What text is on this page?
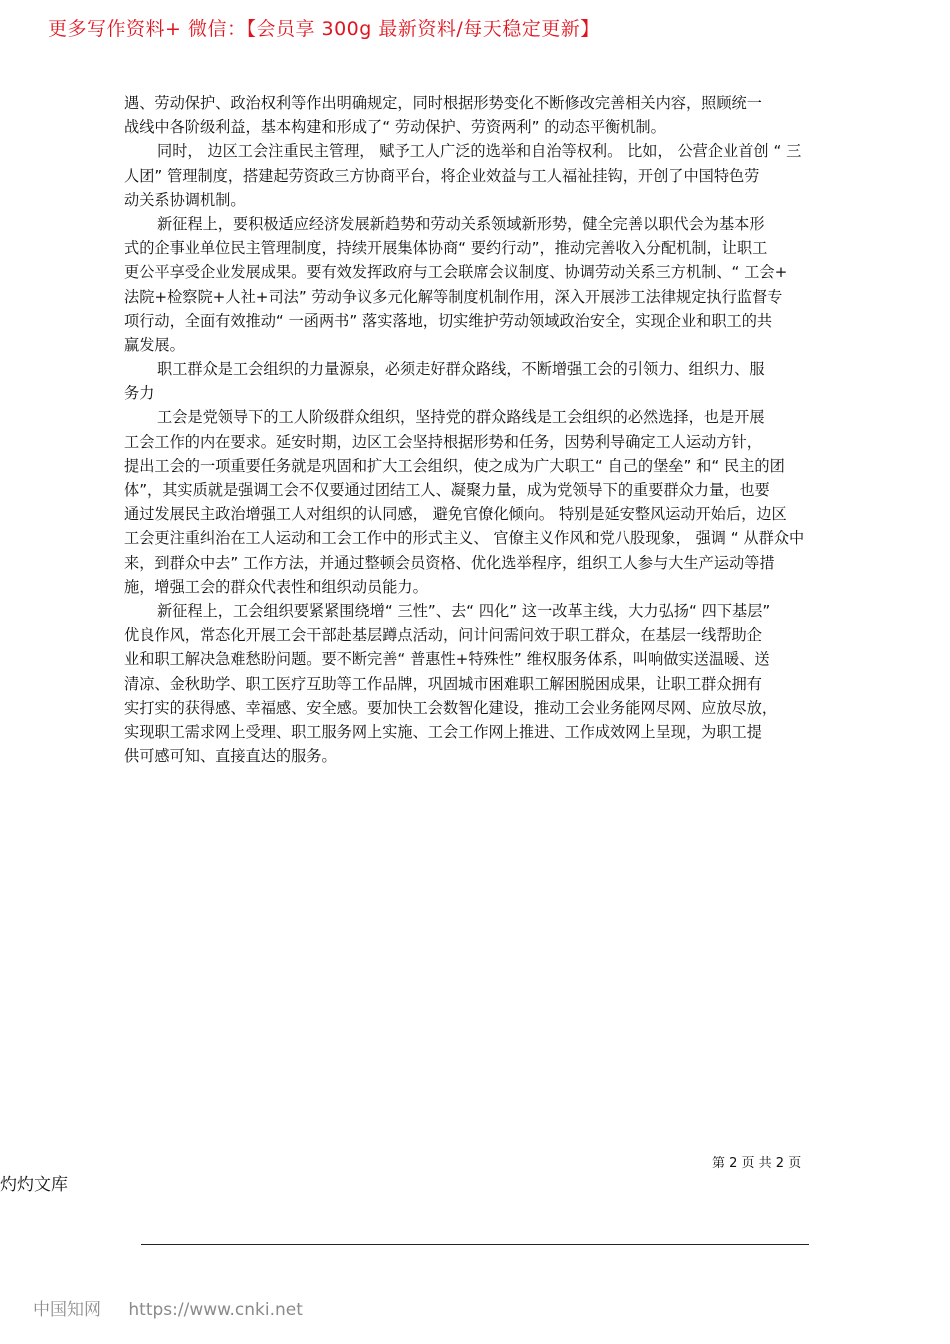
更多写作资料+ 微信：【会员享 300g 最新资料/每天稳定更新】
遇、劳动保护、政治权利等作出明确规定，同时根据形势变化不断修改完善相关内容，照顾统一
战线中各阶级利益，基本构建和形成了“ 劳动保护、劳资两利” 的动态平衡机制。
同时， 边区工会注重民主管理， 赋予工人广泛的选举和自治等权利。 比如， 公营企业首创 “ 三
人团” 管理制度，搭建起劳资政三方协商平台，将企业效益与工人福祉挂钩，开创了中国特色劳
动关系协调机制。
新征程上，要积极适应经济发展新趋势和劳动关系领域新形势，健全完善以职代会为基本形
式的企事业单位民主管理制度，持续开展集体协商“ 要约行动”，推动完善收入分配机制，让职工
更公平享受企业发展成果。要有效发挥政府与工会联席会议制度、协调劳动关系三方机制、“ 工会+
法院+检察院+人社+司法” 劳动争议多元化解等制度机制作用，深入开展涉工法律规定执行监督专
项行动，全面有效推动“ 一函两书” 落实落地，切实维护劳动领域政治安全，实现企业和职工的共
赢发展。
职工群众是工会组织的力量源泉，必须走好群众路线，不断增强工会的引领力、组织力、服
务力
工会是党领导下的工人阶级群众组织，坚持党的群众路线是工会组织的必然选择，也是开展
工会工作的内在要求。延安时期，边区工会坚持根据形势和任务，因势利导确定工人运动方针，
提出工会的一项重要任务就是巩固和扩大工会组织，使之成为广大职工“ 自己的堡垒” 和“ 民主的团
体”，其实质就是强调工会不仅要通过团结工人、凝聚力量，成为党领导下的重要群众力量，也要
通过发展民主政治增强工人对组织的认同感， 避免官僚化倾向。 特别是延安整风运动开始后，边区
工会更注重纠治在工人运动和工会工作中的形式主义、 官僚主义作风和党八股现象， 强调 “ 从群众中
来，到群众中去” 工作方法，并通过整顿会员资格、优化选举程序，组织工人参与大生产运动等措
施，增强工会的群众代表性和组织动员能力。
新征程上，工会组织要紧紧围绕增“ 三性”、去“ 四化” 这一改革主线，大力弘扬“ 四下基层”
优良作风，常态化开展工会干部赴基层蹲点活动，问计问需问效于职工群众，在基层一线帮助企
业和职工解决急难愁盼问题。要不断完善“ 普惠性+特殊性” 维权服务体系，叫响做实送温暖、送
清凉、金秋助学、职工医疗互助等工作品牌，巩固城市困难职工解困脱困成果，让职工群众拥有
实打实的获得感、幸福感、安全感。要加快工会数智化建设，推动工会业务能网尽网、应放尽放，
实现职工需求网上受理、职工服务网上实施、工会工作网上推进、工作成效网上呈现，为职工提
供可感可知、直接直达的服务。
第 2 页 共 2 页
灼灼文库
中国知网 https://www.cnki.net
